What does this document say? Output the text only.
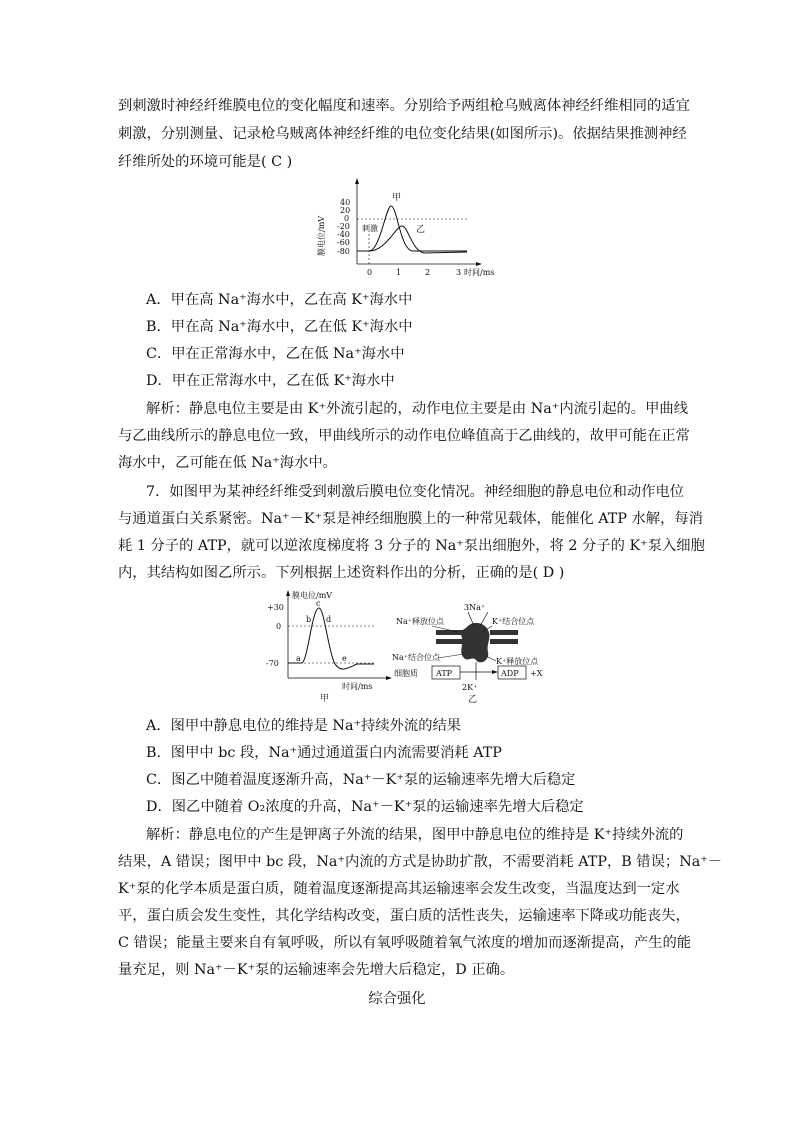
到刺激时神经纤维膜电位的变化幅度和速率。分别给予两组枪乌贼离体神经纤维相同的适宜
刺激，分别测量、记录枪乌贼离体神经纤维的电位变化结果(如图所示)。依据结果推测神经
纤维所处的环境可能是( C )
膜电位/mV
40
20
0
-20
-40
-60
-80
刺激
甲
乙
0	1	2	3 时间/ms
A．甲在高 Na⁺海水中，乙在高 K⁺海水中
B．甲在高 Na⁺海水中，乙在低 K⁺海水中
C．甲在正常海水中，乙在低 Na⁺海水中
D．甲在正常海水中，乙在低 K⁺海水中
解析：静息电位主要是由 K⁺外流引起的，动作电位主要是由 Na⁺内流引起的。甲曲线
与乙曲线所示的静息电位一致，甲曲线所示的动作电位峰值高于乙曲线的，故甲可能在正常
海水中，乙可能在低 Na⁺海水中。
7．如图甲为某神经纤维受到刺激后膜电位变化情况。神经细胞的静息电位和动作电位
与通道蛋白关系紧密。Na⁺－K⁺泵是神经细胞膜上的一种常见载体，能催化 ATP 水解，每消
耗 1 分子的 ATP，就可以逆浓度梯度将 3 分子的 Na⁺泵出细胞外，将 2 分子的 K⁺泵入细胞
内，其结构如图乙所示。下列根据上述资料作出的分析，正确的是( D )
膜电位/mV
+30
0
-70
a
b
c
d
e
时间/ms
甲
3Na⁺
Na⁺释放位点	K⁺结合位点
Na⁺结合位点	K⁺释放位点
细胞质 ATP	ADP +X
2K⁺
乙
A．图甲中静息电位的维持是 Na⁺持续外流的结果
B．图甲中 bc 段，Na⁺通过通道蛋白内流需要消耗 ATP
C．图乙中随着温度逐渐升高，Na⁺－K⁺泵的运输速率先增大后稳定
D．图乙中随着 O₂浓度的升高，Na⁺－K⁺泵的运输速率先增大后稳定
解析：静息电位的产生是钾离子外流的结果，图甲中静息电位的维持是 K⁺持续外流的
结果，A 错误；图甲中 bc 段，Na⁺内流的方式是协助扩散，不需要消耗 ATP，B 错误；Na⁺－
K⁺泵的化学本质是蛋白质，随着温度逐渐提高其运输速率会发生改变，当温度达到一定水
平，蛋白质会发生变性，其化学结构改变，蛋白质的活性丧失，运输速率下降或功能丧失，
C 错误；能量主要来自有氧呼吸，所以有氧呼吸随着氧气浓度的增加而逐渐提高，产生的能
量充足，则 Na⁺－K⁺泵的运输速率会先增大后稳定，D 正确。
综合强化
